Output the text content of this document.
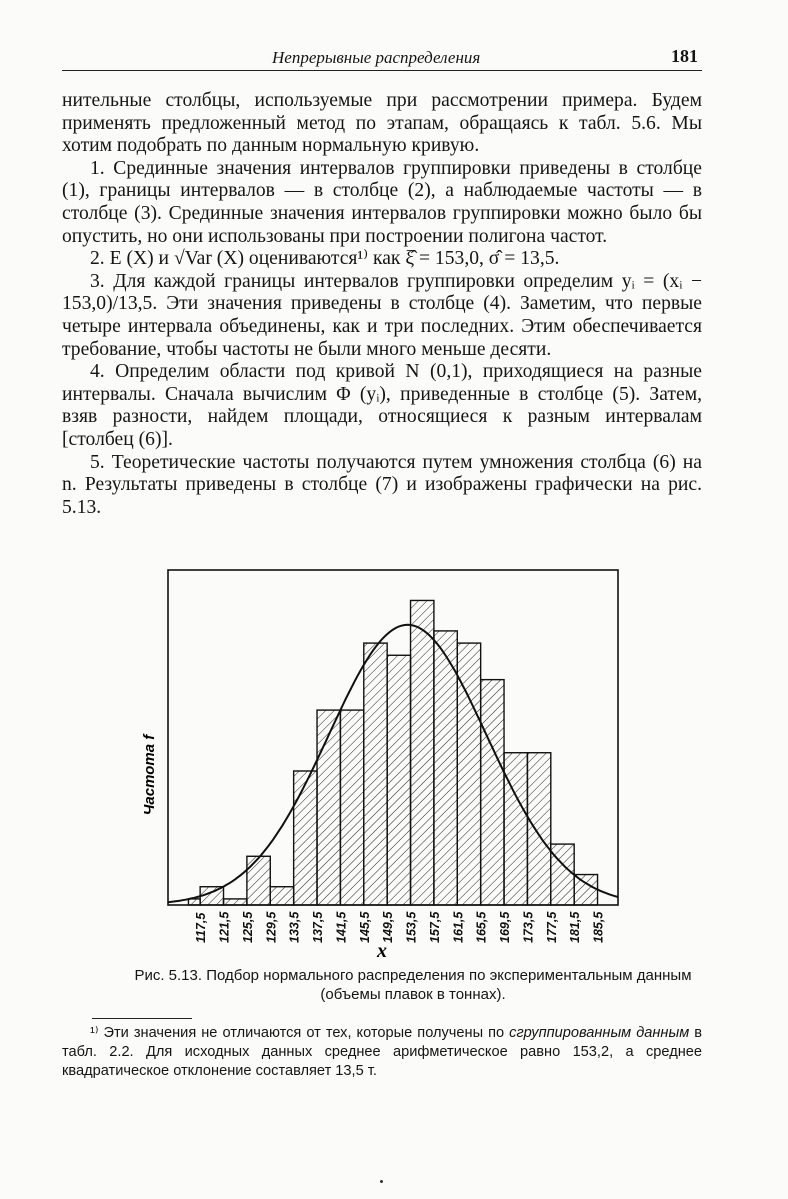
Непрерывные распределения	181

нительные столбцы, используемые при рассмотрении примера. Будем применять предложенный метод по этапам, обращаясь к табл. 5.6. Мы хотим подобрать по данным нормальную кривую.

1. Срединные значения интервалов группировки приведены в столбце (1), границы интервалов — в столбце (2), а наблюдаемые частоты — в столбце (3). Срединные значения интервалов группировки можно было бы опустить, но они использованы при построении полигона частот.

2. E (X) и √Var (X) оцениваются¹⁾ как ξ̂ = 153,0, σ̂ = 13,5.

3. Для каждой границы интервалов группировки определим yᵢ = (xᵢ − 153,0)/13,5. Эти значения приведены в столбце (4). Заметим, что первые четыре интервала объединены, как и три последних. Этим обеспечивается требование, чтобы частоты не были много меньше десяти.

4. Определим области под кривой N (0,1), приходящиеся на разные интервалы. Сначала вычислим Φ (yᵢ), приведенные в столбце (5). Затем, взяв разности, найдем площади, относящиеся к разным интервалам [столбец (6)].

5. Теоретические частоты получаются путем умножения столбца (6) на n. Результаты приведены в столбце (7) и изображены графически на рис. 5.13.

117,5 121,5 125,5 129,5 133,5 137,5 141,5 145,5 149,5 153,5 157,5 161,5 165,5 169,5 173,5 177,5 181,5 185,5
Частота f
x
Рис. 5.13. Подбор нормального распределения по экспериментальным данным (объемы плавок в тоннах).
¹⁾ Эти значения не отличаются от тех, которые получены по сгруппированным данным в табл. 2.2. Для исходных данных среднее арифметическое равно 153,2, а среднее квадратическое отклонение составляет 13,5 т.
